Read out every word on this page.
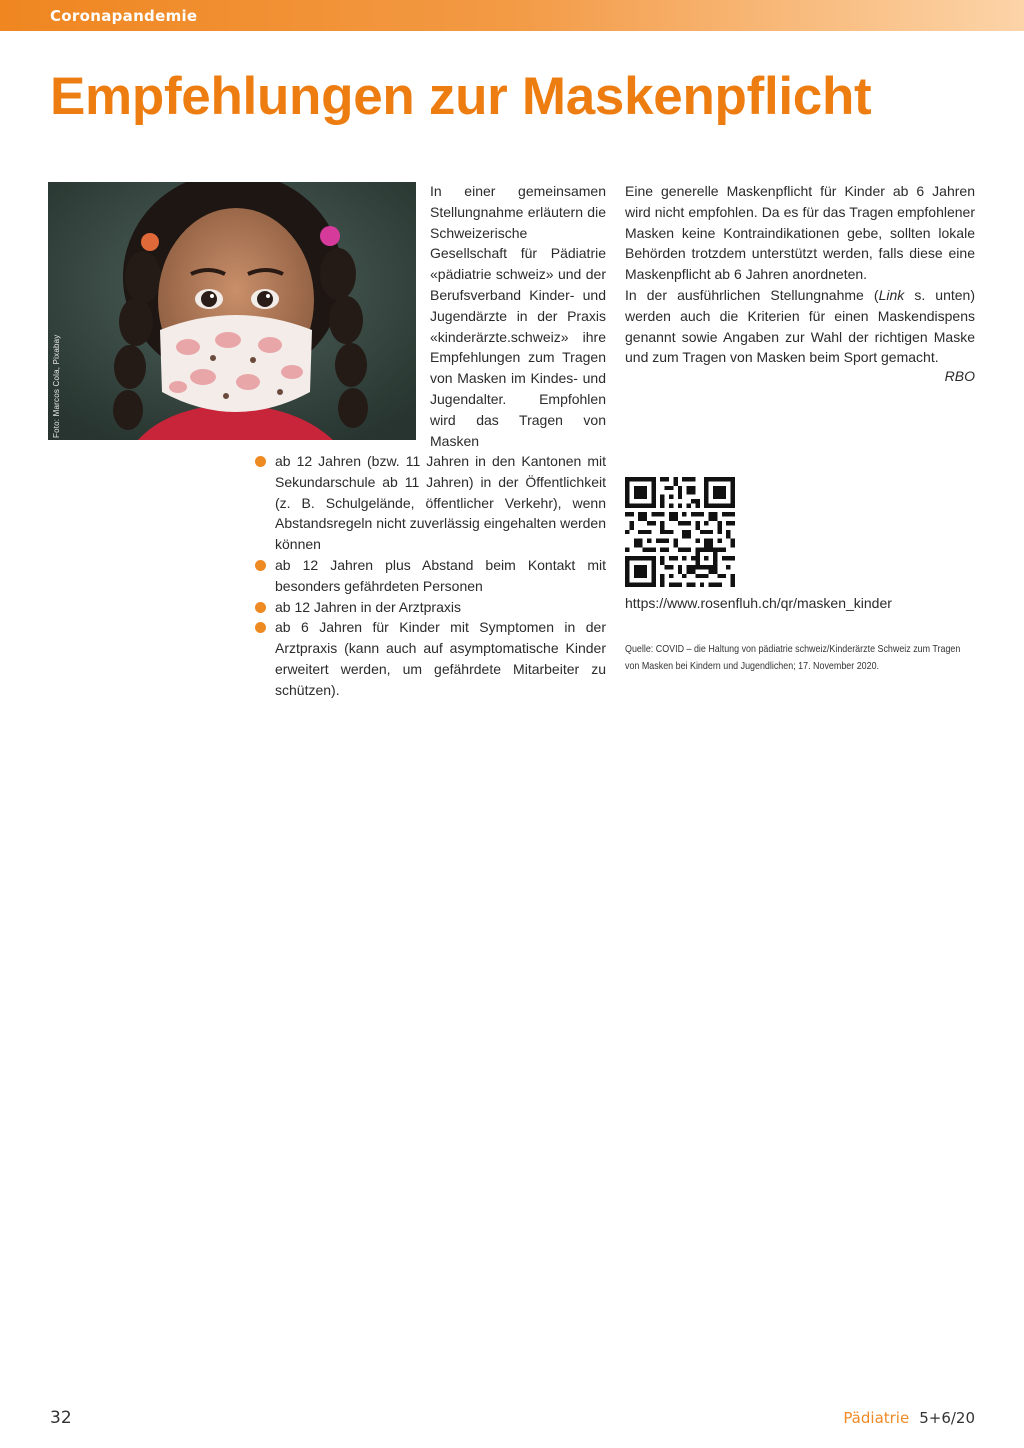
Coronapandemie
Empfehlungen zur Maskenpflicht
Foto: Marcos Cola, Pixabay

In einer gemeinsamen Stellungnahme erläutern die Schweizerische Gesellschaft für Pädiatrie «pädiatrie schweiz» und der Berufsverband Kinder- und Jugendärzte in der Praxis «kinderärzte.schweiz» ihre Empfehlungen zum Tragen von Masken im Kindes- und Jugendalter. Empfohlen wird das Tragen von Masken

Eine generelle Maskenpflicht für Kinder ab 6 Jahren wird nicht empfohlen. Da es für das Tragen empfohlener Masken keine Kontraindikationen gebe, sollten lokale Behörden trotzdem unterstützt werden, falls diese eine Maskenpflicht ab 6 Jahren anordneten.

In der ausführlichen Stellungnahme (Link s. unten) werden auch die Kriterien für einen Maskendispens genannt sowie Angaben zur Wahl der richtigen Maske und zum Tragen von Masken beim Sport gemacht.

RBO
ab 12 Jahren (bzw. 11 Jahren in den Kantonen mit Sekundarschule ab 11 Jahren) in der Öffentlichkeit (z. B. Schulgelände, öffentlicher Verkehr), wenn Abstandsregeln nicht zuverlässig eingehalten werden können
ab 12 Jahren plus Abstand beim Kontakt mit besonders gefährdeten Personen
ab 12 Jahren in der Arztpraxis
ab 6 Jahren für Kinder mit Symptomen in der Arztpraxis (kann auch auf asymptomatische Kinder erweitert werden, um gefährdete Mitarbeiter zu schützen).
https://www.rosenfluh.ch/qr/masken_kinder

Quelle: COVID – die Haltung von pädiatrie schweiz/Kinderärzte Schweiz zum Tragen von Masken bei Kindern und Jugendlichen; 17. November 2020.

32	Pädiatrie 5+6/20
